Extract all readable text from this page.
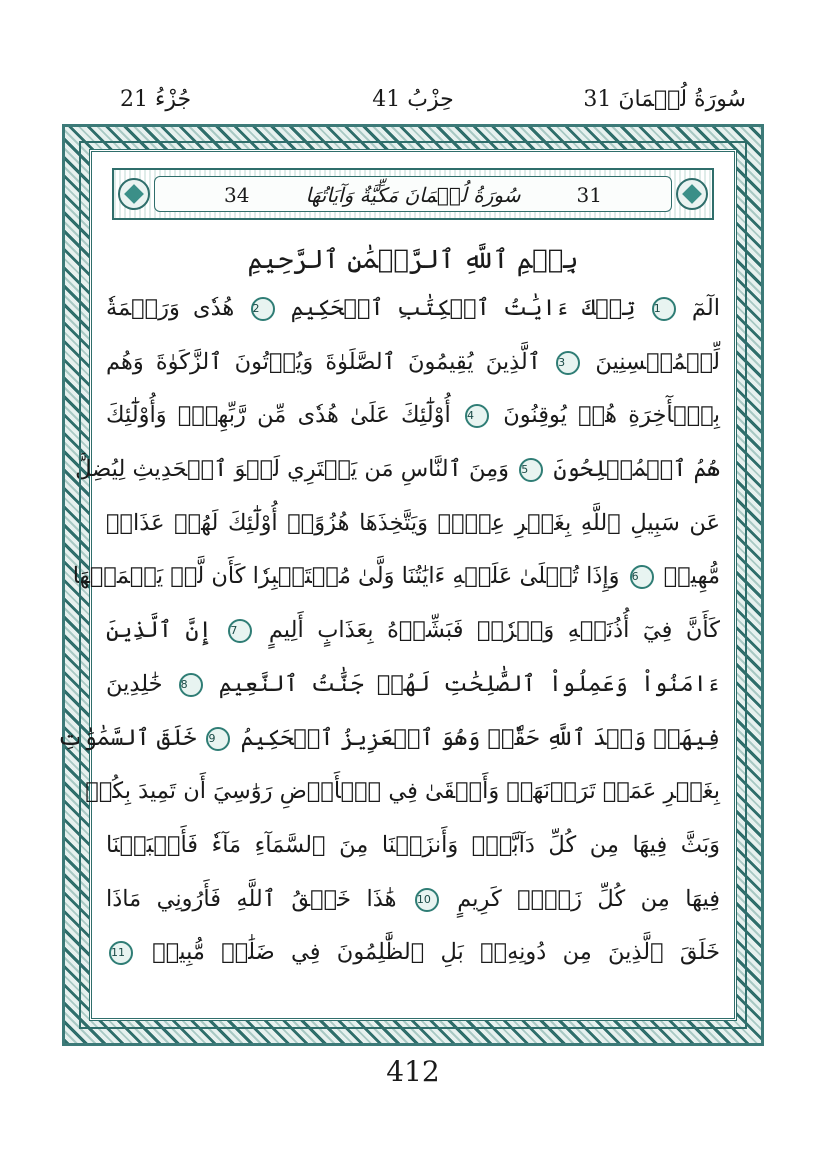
جُزْءُ 21	حِزْبُ 41	31 سُورَةُ لُقۡمَانَ
34	سُورَةُ لُقۡمَانَ مَكِّيَّةٌ وَآيَاتُهَا	31
بِسۡمِ ٱللَّهِ ٱلرَّحۡمَٰنِ ٱلرَّحِيمِ
الٓمٓ 1 تِلۡكَ ءَايَٰتُ ٱلۡكِتَٰبِ ٱلۡحَكِيمِ 2 هُدٗى وَرَحۡمَةٗ
لِّلۡمُحۡسِنِينَ 3 ٱلَّذِينَ يُقِيمُونَ ٱلصَّلَوٰةَ وَيُؤۡتُونَ ٱلزَّكَوٰةَ وَهُم
بِٱلۡأٓخِرَةِ هُمۡ يُوقِنُونَ 4 أُوْلَٰٓئِكَ عَلَىٰ هُدٗى مِّن رَّبِّهِمۡۖ وَأُوْلَٰٓئِكَ
هُمُ ٱلۡمُفۡلِحُونَ 5 وَمِنَ ٱلنَّاسِ مَن يَشۡتَرِي لَهۡوَ ٱلۡحَدِيثِ لِيُضِلَّ
عَن سَبِيلِ ٱللَّهِ بِغَيۡرِ عِلۡمٖ وَيَتَّخِذَهَا هُزُوًاۚ أُوْلَٰٓئِكَ لَهُمۡ عَذَابٞ
مُّهِينٞ 6 وَإِذَا تُتۡلَىٰ عَلَيۡهِ ءَايَٰتُنَا وَلَّىٰ مُسۡتَكۡبِرٗا كَأَن لَّمۡ يَسۡمَعۡهَا
كَأَنَّ فِيٓ أُذُنَيۡهِ وَقۡرٗاۖ فَبَشِّرۡهُ بِعَذَابٍ أَلِيمٍ 7 إِنَّ ٱلَّذِينَ
ءَامَنُواْ وَعَمِلُواْ ٱلصَّٰلِحَٰتِ لَهُمۡ جَنَّٰتُ ٱلنَّعِيمِ 8 خَٰلِدِينَ
فِيهَاۖ وَعۡدَ ٱللَّهِ حَقّٗاۚ وَهُوَ ٱلۡعَزِيزُ ٱلۡحَكِيمُ 9 خَلَقَ ٱلسَّمَٰوَٰتِ
بِغَيۡرِ عَمَدٖ تَرَوۡنَهَاۖ وَأَلۡقَىٰ فِي ٱلۡأَرۡضِ رَوَٰسِيَ أَن تَمِيدَ بِكُمۡ
وَبَثَّ فِيهَا مِن كُلِّ دَآبَّةٖۚ وَأَنزَلۡنَا مِنَ ٱلسَّمَآءِ مَآءٗ فَأَنۢبَتۡنَا
فِيهَا مِن كُلِّ زَوۡجٖ كَرِيمٍ 10 هَٰذَا خَلۡقُ ٱللَّهِ فَأَرُونِي مَاذَا
خَلَقَ ٱلَّذِينَ مِن دُونِهِۦۚ بَلِ ٱلظَّٰلِمُونَ فِي ضَلَٰلٖ مُّبِينٖ 11
412
